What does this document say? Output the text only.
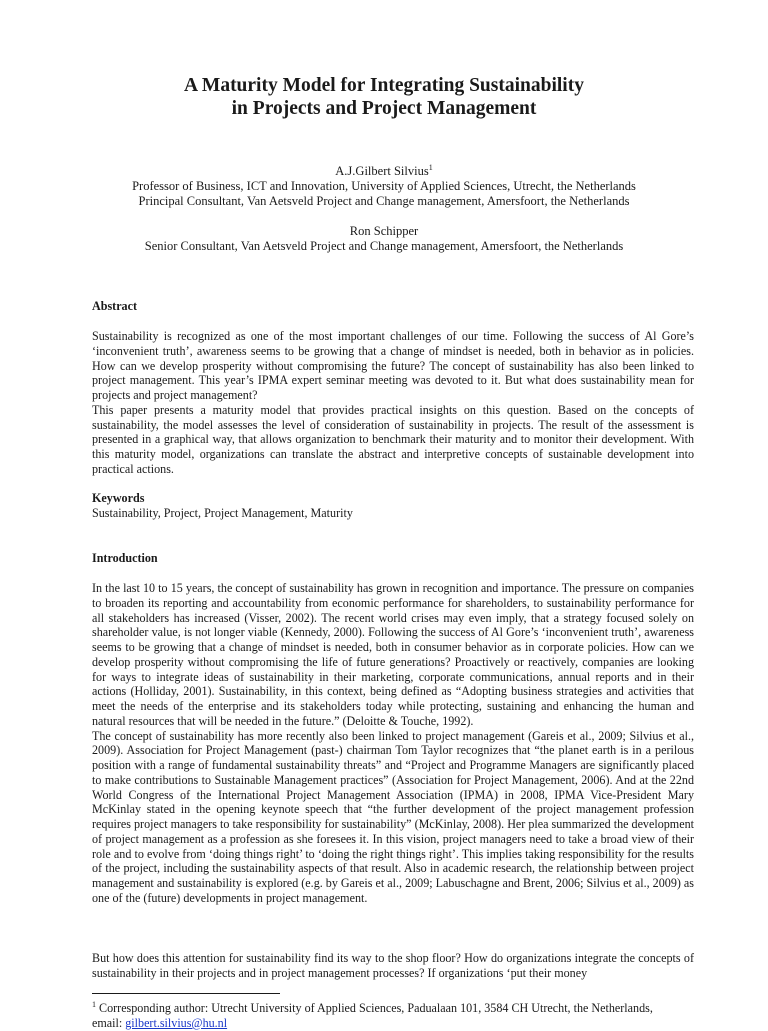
A Maturity Model for Integrating Sustainability
in Projects and Project Management
A.J.Gilbert Silvius$^1$
Professor of Business, ICT and Innovation, University of Applied Sciences, Utrecht, the Netherlands
Principal Consultant, Van Aetsveld Project and Change management, Amersfoort, the Netherlands
Ron Schipper
Senior Consultant, Van Aetsveld Project and Change management, Amersfoort, the Netherlands

Abstract

Sustainability is recognized as one of the most important challenges of our time. Following the success of Al Gore’s ‘inconvenient truth’, awareness seems to be growing that a change of mindset is needed, both in behavior as in policies. How can we develop prosperity without compromising the future? The concept of sustainability has also been linked to project management. This year’s IPMA expert seminar meeting was devoted to it. But what does sustainability mean for projects and project management?

This paper presents a maturity model that provides practical insights on this question. Based on the concepts of sustainability, the model assesses the level of consideration of sustainability in projects. The result of the assessment is presented in a graphical way, that allows organization to benchmark their maturity and to monitor their development. With this maturity model, organizations can translate the abstract and interpretive concepts of sustainable development into practical actions.

Keywords

Sustainability, Project, Project Management, Maturity

Introduction

In the last 10 to 15 years, the concept of sustainability has grown in recognition and importance. The pressure on companies to broaden its reporting and accountability from economic performance for shareholders, to sustainability performance for all stakeholders has increased (Visser, 2002). The recent world crises may even imply, that a strategy focused solely on shareholder value, is not longer viable (Kennedy, 2000). Following the success of Al Gore’s ‘inconvenient truth’, awareness seems to be growing that a change of mindset is needed, both in consumer behavior as in corporate policies. How can we develop prosperity without compromising the life of future generations? Proactively or reactively, companies are looking for ways to integrate ideas of sustainability in their marketing, corporate communications, annual reports and in their actions (Holliday, 2001). Sustainability, in this context, being defined as “Adopting business strategies and activities that meet the needs of the enterprise and its stakeholders today while protecting, sustaining and enhancing the human and natural resources that will be needed in the future.” (Deloitte & Touche, 1992).

The concept of sustainability has more recently also been linked to project management (Gareis et al., 2009; Silvius et al., 2009). Association for Project Management (past-) chairman Tom Taylor recognizes that “the planet earth is in a perilous position with a range of fundamental sustainability threats” and “Project and Programme Managers are significantly placed to make contributions to Sustainable Management practices” (Association for Project Management, 2006). And at the 22nd World Congress of the International Project Management Association (IPMA) in 2008, IPMA Vice-President Mary McKinlay stated in the opening keynote speech that “the further development of the project management profession requires project managers to take responsibility for sustainability” (McKinlay, 2008). Her plea summarized the development of project management as a profession as she foresees it. In this vision, project managers need to take a broad view of their role and to evolve from ‘doing things right’ to ‘doing the right things right’. This implies taking responsibility for the results of the project, including the sustainability aspects of that result. Also in academic research, the relationship between project management and sustainability is explored (e.g. by Gareis et al., 2009; Labuschagne and Brent, 2006; Silvius et al., 2009) as one of the (future) developments in project management.

But how does this attention for sustainability find its way to the shop floor? How do organizations integrate the concepts of sustainability in their projects and in project management processes? If organizations ‘put their money

$^1$ Corresponding author: Utrecht University of Applied Sciences, Padualaan 101, 3584 CH Utrecht, the Netherlands,
email: gilbert.silvius@hu.nl
